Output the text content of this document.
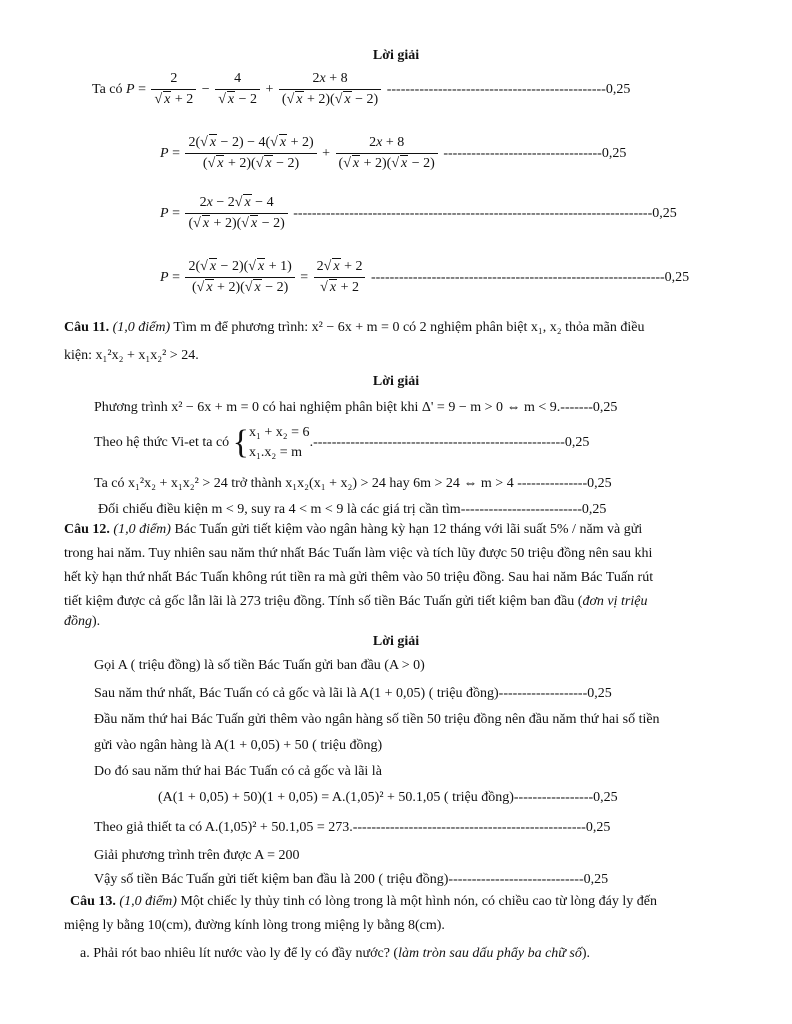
Lời giải
Ta có P = 2
√ x + 2 − 4
√ $x - 2 + \frac{2x + 8}{(√ x + 2)(√ x - 2)} -----------------------------------------------0,25$
$P = \frac{2(√ x - 2) - 4(√ x + 2)}{(√ x + 2)(√ x - 2)} + \frac{2x + 8}{(√ x + 2)(√ x - 2)} ----------------------------------0,25$
$P = \frac{2x - 2√ x - 4}{(√ x + 2)(√ x - 2)} -----------------------------------------------------------------------------0,25$
$P = \frac{2(√ x - 2)(√ x + 1)}{(√ x + 2)(√ x - 2)} = 2√$ x + 2
√ x + 2 ---------------------------------------------------------------0,25
Câu 11. (1,0 điểm) Tìm m để phương trình: x² − 6x + m = 0 có 2 nghiệm phân biệt x₁, x₂ thỏa mãn điều
kiện: x₁²x₂ + x₁x₂² > 24.
Lời giải
Phương trình x² − 6x + m = 0 có hai nghiệm phân biệt khi Δ' = 9 − m > 0 ⇔ m < 9.-------0,25
Theo hệ thức Vi-et ta có { x₁ + x₂ = 6
x₁.x₂ = m
.------------------------------------------------------0,25
Ta có x₁²x₂ + x₁x₂² > 24 trở thành x₁x₂(x₁ + x₂) > 24 hay 6m > 24 ⇔ m > 4 ---------------0,25
Đối chiếu điều kiện m < 9, suy ra 4 < m < 9 là các giá trị cần tìm--------------------------0,25
Câu 12. (1,0 điểm) Bác Tuấn gửi tiết kiệm vào ngân hàng kỳ hạn 12 tháng với lãi suất 5% / năm và gửi
trong hai năm. Tuy nhiên sau năm thứ nhất Bác Tuấn làm việc và tích lũy được 50 triệu đồng nên sau khi
hết kỳ hạn thứ nhất Bác Tuấn không rút tiền ra mà gửi thêm vào 50 triệu đồng. Sau hai năm Bác Tuấn rút
tiết kiệm được cả gốc lẫn lãi là 273 triệu đồng. Tính số tiền Bác Tuấn gửi tiết kiệm ban đầu (đơn vị triệu
đồng).
Lời giải
Gọi A ( triệu đồng) là số tiền Bác Tuấn gửi ban đầu (A > 0)
Sau năm thứ nhất, Bác Tuấn có cả gốc và lãi là A(1 + 0,05) ( triệu đồng)-------------------0,25
Đầu năm thứ hai Bác Tuấn gửi thêm vào ngân hàng số tiền 50 triệu đồng nên đầu năm thứ hai số tiền
gửi vào ngân hàng là A(1 + 0,05) + 50 ( triệu đồng)
Do đó sau năm thứ hai Bác Tuấn có cả gốc và lãi là
(A(1 + 0,05) + 50)(1 + 0,05) = A.(1,05)² + 50.1,05 ( triệu đồng)-----------------0,25
Theo giả thiết ta có A.(1,05)² + 50.1,05 = 273.--------------------------------------------------0,25
Giải phương trình trên được A = 200
Vậy số tiền Bác Tuấn gửi tiết kiệm ban đầu là 200 ( triệu đồng)-----------------------------0,25
Câu 13. (1,0 điểm) Một chiếc ly thủy tinh có lòng trong là một hình nón, có chiều cao từ lòng đáy ly đến
miệng ly bằng 10(cm), đường kính lòng trong miệng ly bằng 8(cm).
a. Phải rót bao nhiêu lít nước vào ly để ly có đầy nước? (làm tròn sau dấu phẩy ba chữ số).
